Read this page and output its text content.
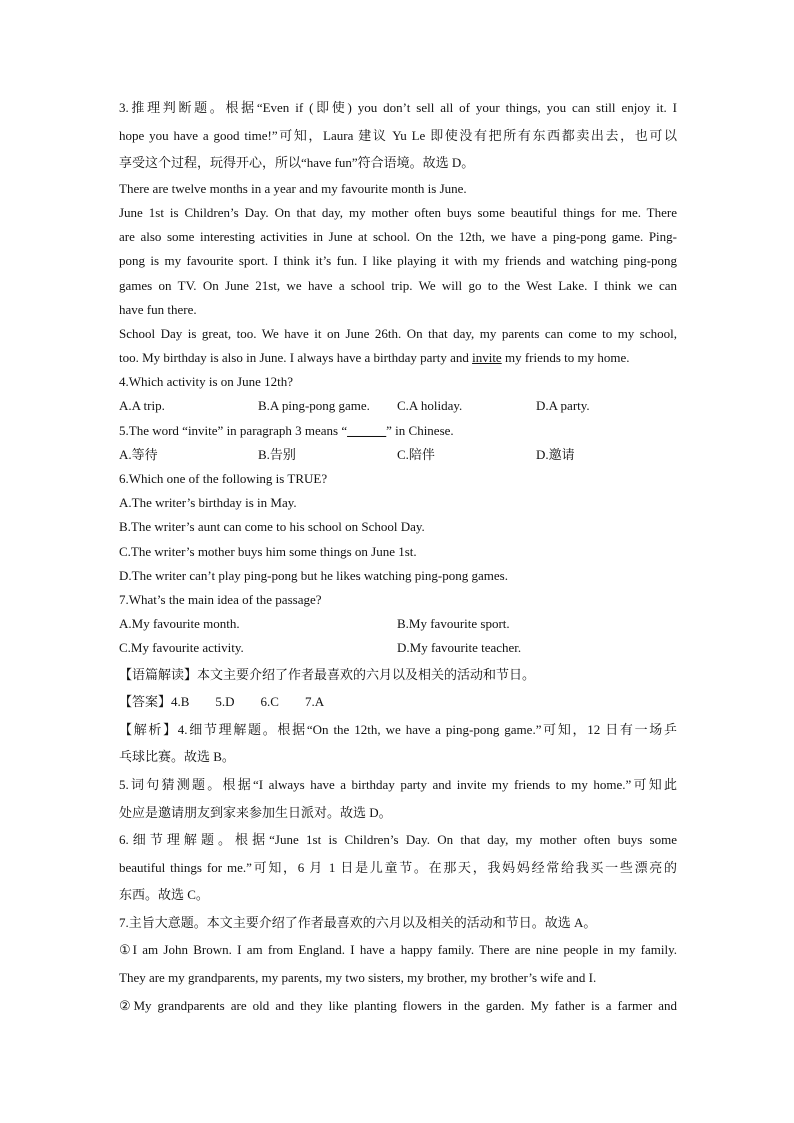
3.推理判断题。根据“Even if (即使) you don’t sell all of your things, you can still enjoy it. I
hope you have a good time!”可知，Laura 建议 Yu Le 即使没有把所有东西都卖出去，也可以
享受这个过程，玩得开心，所以“have fun”符合语境。故选 D。
There are twelve months in a year and my favourite month is June.
June 1st is Children’s Day. On that day, my mother often buys some beautiful things for me. There
are also some interesting activities in June at school. On the 12th, we have a ping-pong game. Ping-
pong is my favourite sport. I think it’s fun. I like playing it with my friends and watching ping-pong
games on TV. On June 21st, we have a school trip. We will go to the West Lake. I think we can
have fun there.
School Day is great, too. We have it on June 26th. On that day, my parents can come to my school,
too. My birthday is also in June. I always have a birthday party and invite my friends to my home.
4.Which activity is on June 12th?
A.A trip.	B.A ping-pong game.	C.A holiday.	D.A party.
5.The word “invite” in paragraph 3 means “______” in Chinese.
A.等待	B.告别	C.陪伴	D.邀请
6.Which one of the following is TRUE?
A.The writer’s birthday is in May.
B.The writer’s aunt can come to his school on School Day.
C.The writer’s mother buys him some things on June 1st.
D.The writer can’t play ping-pong but he likes watching ping-pong games.
7.What’s the main idea of the passage?
A.My favourite month.	B.My favourite sport.
C.My favourite activity.	D.My favourite teacher.
【语篇解读】本文主要介绍了作者最喜欢的六月以及相关的活动和节日。
【答案】4.B        5.D        6.C        7.A
【解析】4.细节理解题。根据“On the 12th, we have a ping-pong game.”可知，12 日有一场乒
乓球比赛。故选 B。
5.词句猜测题。根据“I always have a birthday party and invite my friends to my home.”可知此
处应是邀请朋友到家来参加生日派对。故选 D。
6.细节理解题。根据“June 1st is Children’s Day. On that day, my mother often buys some
beautiful things for me.”可知，6 月 1 日是儿童节。在那天，我妈妈经常给我买一些漂亮的
东西。故选 C。
7.主旨大意题。本文主要介绍了作者最喜欢的六月以及相关的活动和节日。故选 A。
①I am John Brown. I am from England. I have a happy family. There are nine people in my family.
They are my grandparents, my parents, my two sisters, my brother, my brother’s wife and I.
②My grandparents are old and they like planting flowers in the garden. My father is a farmer and
